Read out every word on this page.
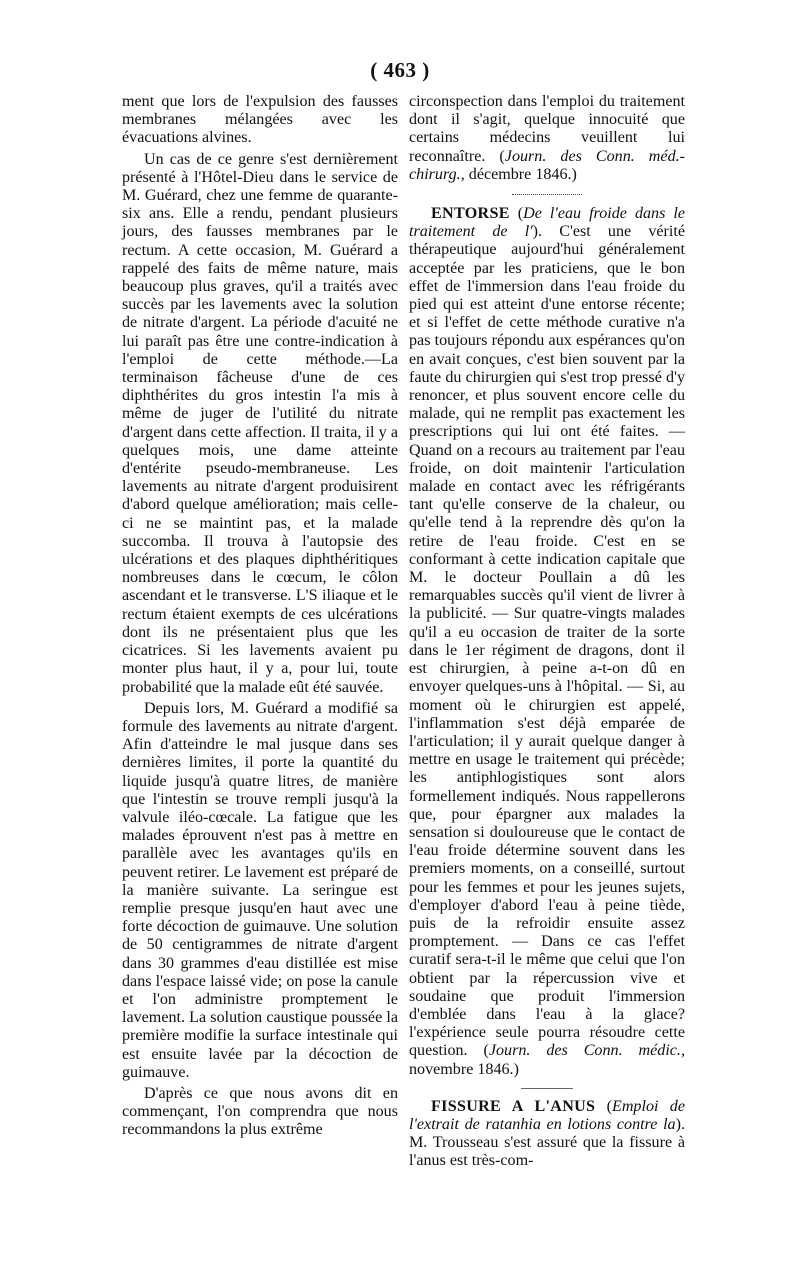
( 463 )

ment que lors de l'expulsion des fausses membranes mélangées avec les évacuations alvines.

Un cas de ce genre s'est dernièrement présenté à l'Hôtel-Dieu dans le service de M. Guérard, chez une femme de quarante-six ans. Elle a rendu, pendant plusieurs jours, des fausses membranes par le rectum. A cette occasion, M. Guérard a rappelé des faits de même nature, mais beaucoup plus graves, qu'il a traités avec succès par les lavements avec la solution de nitrate d'argent. La période d'acuité ne lui paraît pas être une contre-indication à l'emploi de cette méthode.—La terminaison fâcheuse d'une de ces diphthérites du gros intestin l'a mis à même de juger de l'utilité du nitrate d'argent dans cette affection. Il traita, il y a quelques mois, une dame atteinte d'entérite pseudo-membraneuse. Les lavements au nitrate d'argent produisirent d'abord quelque amélioration; mais celle-ci ne se maintint pas, et la malade succomba. Il trouva à l'autopsie des ulcérations et des plaques diphthéritiques nombreuses dans le cœcum, le côlon ascendant et le transverse. L'S iliaque et le rectum étaient exempts de ces ulcérations dont ils ne présentaient plus que les cicatrices. Si les lavements avaient pu monter plus haut, il y a, pour lui, toute probabilité que la malade eût été sauvée.

Depuis lors, M. Guérard a modifié sa formule des lavements au nitrate d'argent. Afin d'atteindre le mal jusque dans ses dernières limites, il porte la quantité du liquide jusqu'à quatre litres, de manière que l'intestin se trouve rempli jusqu'à la valvule iléo-cœcale. La fatigue que les malades éprouvent n'est pas à mettre en parallèle avec les avantages qu'ils en peuvent retirer. Le lavement est préparé de la manière suivante. La seringue est remplie presque jusqu'en haut avec une forte décoction de guimauve. Une solution de 50 centigrammes de nitrate d'argent dans 30 grammes d'eau distillée est mise dans l'espace laissé vide; on pose la canule et l'on administre promptement le lavement. La solution caustique poussée la première modifie la surface intestinale qui est ensuite lavée par la décoction de guimauve.

D'après ce que nous avons dit en commençant, l'on comprendra que nous recommandons la plus extrême

circonspection dans l'emploi du traitement dont il s'agit, quelque innocuité que certains médecins veuillent lui reconnaître. (Journ. des Conn. méd.-chirurg., décembre 1846.)

ENTORSE (De l'eau froide dans le traitement de l'). C'est une vérité thérapeutique aujourd'hui généralement acceptée par les praticiens, que le bon effet de l'immersion dans l'eau froide du pied qui est atteint d'une entorse récente; et si l'effet de cette méthode curative n'a pas toujours répondu aux espérances qu'on en avait conçues, c'est bien souvent par la faute du chirurgien qui s'est trop pressé d'y renoncer, et plus souvent encore celle du malade, qui ne remplit pas exactement les prescriptions qui lui ont été faites. — Quand on a recours au traitement par l'eau froide, on doit maintenir l'articulation malade en contact avec les réfrigérants tant qu'elle conserve de la chaleur, ou qu'elle tend à la reprendre dès qu'on la retire de l'eau froide. C'est en se conformant à cette indication capitale que M. le docteur Poullain a dû les remarquables succès qu'il vient de livrer à la publicité. — Sur quatre-vingts malades qu'il a eu occasion de traiter de la sorte dans le 1er régiment de dragons, dont il est chirurgien, à peine a-t-on dû en envoyer quelques-uns à l'hôpital. — Si, au moment où le chirurgien est appelé, l'inflammation s'est déjà emparée de l'articulation; il y aurait quelque danger à mettre en usage le traitement qui précède; les antiphlogistiques sont alors formellement indiqués. Nous rappellerons que, pour épargner aux malades la sensation si douloureuse que le contact de l'eau froide détermine souvent dans les premiers moments, on a conseillé, surtout pour les femmes et pour les jeunes sujets, d'employer d'abord l'eau à peine tiède, puis de la refroidir ensuite assez promptement. — Dans ce cas l'effet curatif sera-t-il le même que celui que l'on obtient par la répercussion vive et soudaine que produit l'immersion d'emblée dans l'eau à la glace? l'expérience seule pourra résoudre cette question. (Journ. des Conn. médic., novembre 1846.)

FISSURE A L'ANUS (Emploi de l'extrait de ratanhia en lotions contre la). M. Trousseau s'est assuré que la fissure à l'anus est très-com-
